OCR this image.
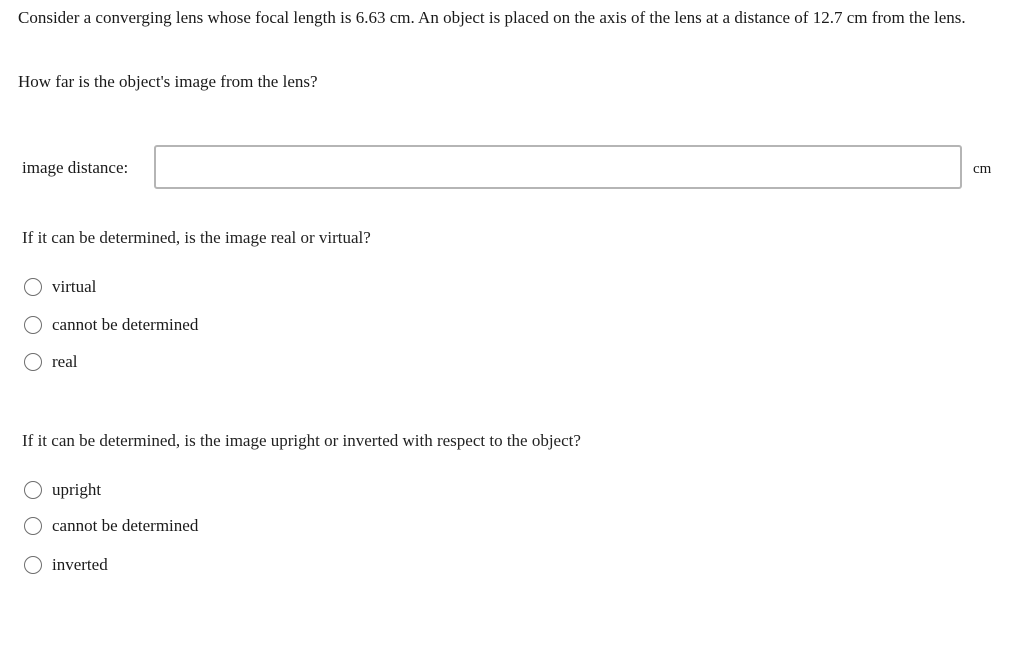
Consider a converging lens whose focal length is 6.63 cm. An object is placed on the axis of the lens at a distance of 12.7 cm from the lens.

How far is the object's image from the lens?

image distance:	cm
If it can be determined, is the image real or virtual?
virtual
cannot be determined
real
If it can be determined, is the image upright or inverted with respect to the object?
upright
cannot be determined
inverted
